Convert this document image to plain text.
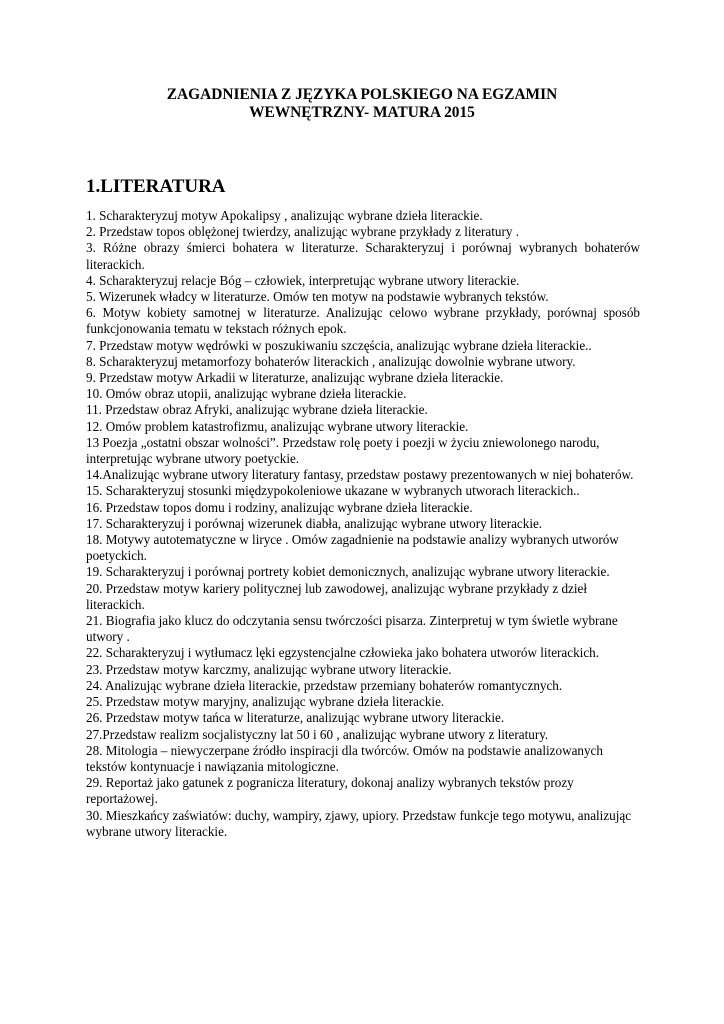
ZAGADNIENIA Z JĘZYKA POLSKIEGO NA EGZAMIN
WEWNĘTRZNY- MATURA 2015
1.LITERATURA

1. Scharakteryzuj motyw Apokalipsy , analizując wybrane dzieła literackie.

2. Przedstaw topos oblężonej twierdzy, analizując wybrane przykłady z literatury .

3. Różne obrazy śmierci bohatera w literaturze. Scharakteryzuj i porównaj wybranych bohaterów literackich.

4. Scharakteryzuj relacje Bóg – człowiek, interpretując wybrane utwory literackie.

5. Wizerunek władcy w literaturze. Omów ten motyw na podstawie wybranych tekstów.

6. Motyw kobiety samotnej w literaturze. Analizując celowo wybrane przykłady, porównaj sposób funkcjonowania tematu w tekstach różnych epok.

7. Przedstaw motyw wędrówki w poszukiwaniu szczęścia, analizując wybrane dzieła literackie..

8. Scharakteryzuj metamorfozy bohaterów literackich , analizując dowolnie wybrane utwory.

9. Przedstaw motyw Arkadii w literaturze, analizując wybrane dzieła literackie.

10. Omów obraz utopii, analizując wybrane dzieła literackie.

11. Przedstaw obraz Afryki, analizując wybrane dzieła literackie.

12. Omów problem katastrofizmu, analizując wybrane utwory literackie.

13 Poezja „ostatni obszar wolności”. Przedstaw rolę poety i poezji w życiu zniewolonego narodu, interpretując wybrane utwory poetyckie.

14.Analizując wybrane utwory literatury fantasy, przedstaw postawy prezentowanych w niej bohaterów.

15. Scharakteryzuj stosunki międzypokoleniowe ukazane w wybranych utworach literackich..

16. Przedstaw topos domu i rodziny, analizując wybrane dzieła literackie.

17. Scharakteryzuj i porównaj wizerunek diabła, analizując wybrane utwory literackie.

18. Motywy autotematyczne w liryce . Omów zagadnienie na podstawie analizy wybranych utworów poetyckich.

19. Scharakteryzuj i porównaj portrety kobiet demonicznych, analizując wybrane utwory literackie.

20. Przedstaw motyw kariery politycznej lub zawodowej, analizując wybrane przykłady z dzieł literackich.

21. Biografia jako klucz do odczytania sensu twórczości pisarza. Zinterpretuj w tym świetle wybrane utwory .

22. Scharakteryzuj i wytłumacz lęki egzystencjalne człowieka jako bohatera utworów literackich.

23. Przedstaw motyw karczmy, analizując wybrane utwory literackie.

24. Analizując wybrane dzieła literackie, przedstaw przemiany bohaterów romantycznych.

25. Przedstaw motyw maryjny, analizując wybrane dzieła literackie.

26. Przedstaw motyw tańca w literaturze, analizując wybrane utwory literackie.

27.Przedstaw realizm socjalistyczny lat 50 i 60 , analizując wybrane utwory z literatury.

28. Mitologia – niewyczerpane źródło inspiracji dla twórców. Omów na podstawie analizowanych tekstów kontynuacje i nawiązania mitologiczne.

29. Reportaż jako gatunek z pogranicza literatury, dokonaj analizy wybranych tekstów prozy reportażowej.

30. Mieszkańcy zaświatów: duchy, wampiry, zjawy, upiory. Przedstaw funkcje tego motywu, analizując wybrane utwory literackie.
